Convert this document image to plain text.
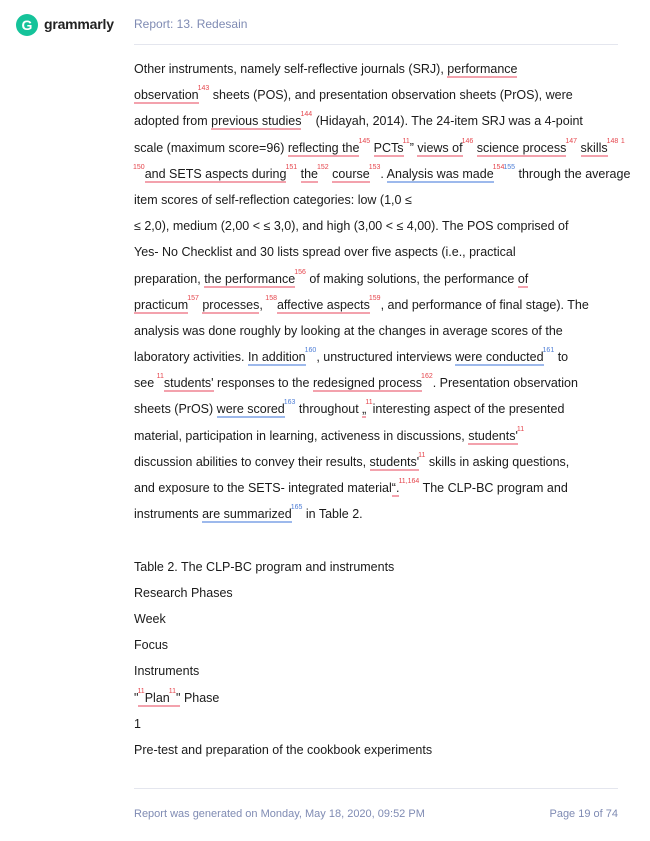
G grammarly Report: 13. Redesain
Other instruments, namely self-reflective journals (SRJ), performance
observation$^{143}$ sheets (POS), and presentation observation sheets (PrOS), were
adopted from previous studies$^{144}$ (Hidayah, 2014). The 24-item SRJ was a 4-point
scale (maximum score=96) reflecting the$^{145}$ PCTs$^{11}$” views $of^{146}$ science process$^{147}$ skills$^{148}$ $^1$
$^{150}$and SETS aspects during$^{151}$ the$^{152}$ course$^{153}$. Analysis was made$^{154155}$ through the average
item scores of self-reflection categories: low (1,0 ≤
≤ 2,0), medium (2,00 < ≤ 3,0), and high (3,00 < ≤ 4,00). The POS comprised of
Yes- No Checklist and 30 lists spread over five aspects (i.e., practical
preparation, the performance$^{156}$ of making solutions, the performance of
practicum$^{157}$ processes, $^{158}$affective aspects$^{159}$, and performance of final stage). The
analysis was done roughly by looking at the changes in average scores of the
laboratory activities. In addition$^{160}$, unstructured interviews were conducted$^{161}$ to
see $^{11}$students' responses to the redesigned process$^{162}$. Presentation observation
sheets (PrOS) were scored$^{163}$ throughout „$^{11}$interesting aspect of the presented
material, participation in learning, activeness in discussions, $students'^{11}$
discussion abilities to convey their results, $students'^{11}$ skills in asking questions,
and exposure to the SETS- integrated material“.$^{11,164}$ The CLP-BC program and
instruments are summarized$^{165}$ in Table 2.
Table 2. The CLP-BC program and instruments
Research Phases
Week
Focus
Instruments
"$^{11}$Plan$^{11}$" Phase
1
Pre-test and preparation of the cookbook experiments
Report was generated on Monday, May 18, 2020, 09:52 PM	Page 19 of 74
